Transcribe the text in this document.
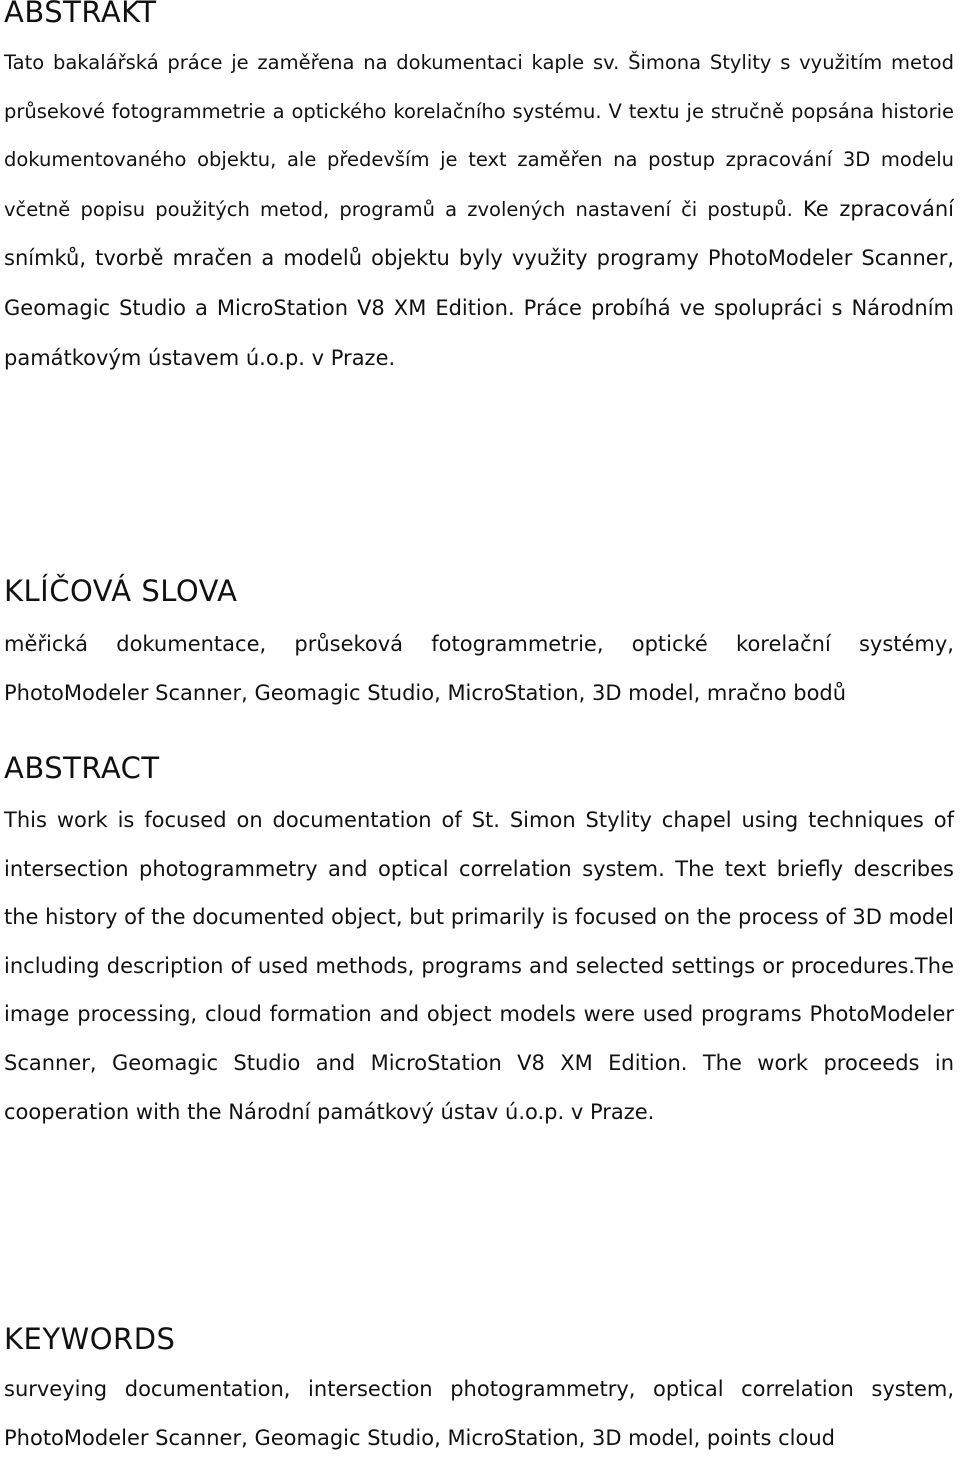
ABSTRAKT

Tato bakalářská práce je zaměřena na dokumentaci kaple sv. Šimona Stylity s využitím metod průsekové fotogrammetrie a optického korelačního systému. V textu je stručně popsána historie dokumentovaného objektu, ale především je text zaměřen na postup zpracování 3D modelu včetně popisu použitých metod, programů a zvolených nastavení či postupů. Ke zpracování snímků, tvorbě mračen a modelů objektu byly využity programy PhotoModeler Scanner, Geomagic Studio a MicroStation V8 XM Edition. Práce probíhá ve spolupráci s Národním památkovým ústavem ú.o.p. v Praze.

KLÍČOVÁ SLOVA

měřická dokumentace, průseková fotogrammetrie, optické korelační systémy, PhotoModeler Scanner, Geomagic Studio, MicroStation, 3D model, mračno bodů

ABSTRACT

This work is focused on documentation of St. Simon Stylity chapel using techniques of intersection photogrammetry and optical correlation system. The text briefly describes the history of the documented object, but primarily is focused on the process of 3D model including description of used methods, programs and selected settings or procedures.The image processing, cloud formation and object models were used programs PhotoModeler Scanner, Geomagic Studio and MicroStation V8 XM Edition. The work proceeds in cooperation with the Národní památkový ústav ú.o.p. v Praze.

KEYWORDS

surveying documentation, intersection photogrammetry, optical correlation system, PhotoModeler Scanner, Geomagic Studio, MicroStation, 3D model, points cloud
